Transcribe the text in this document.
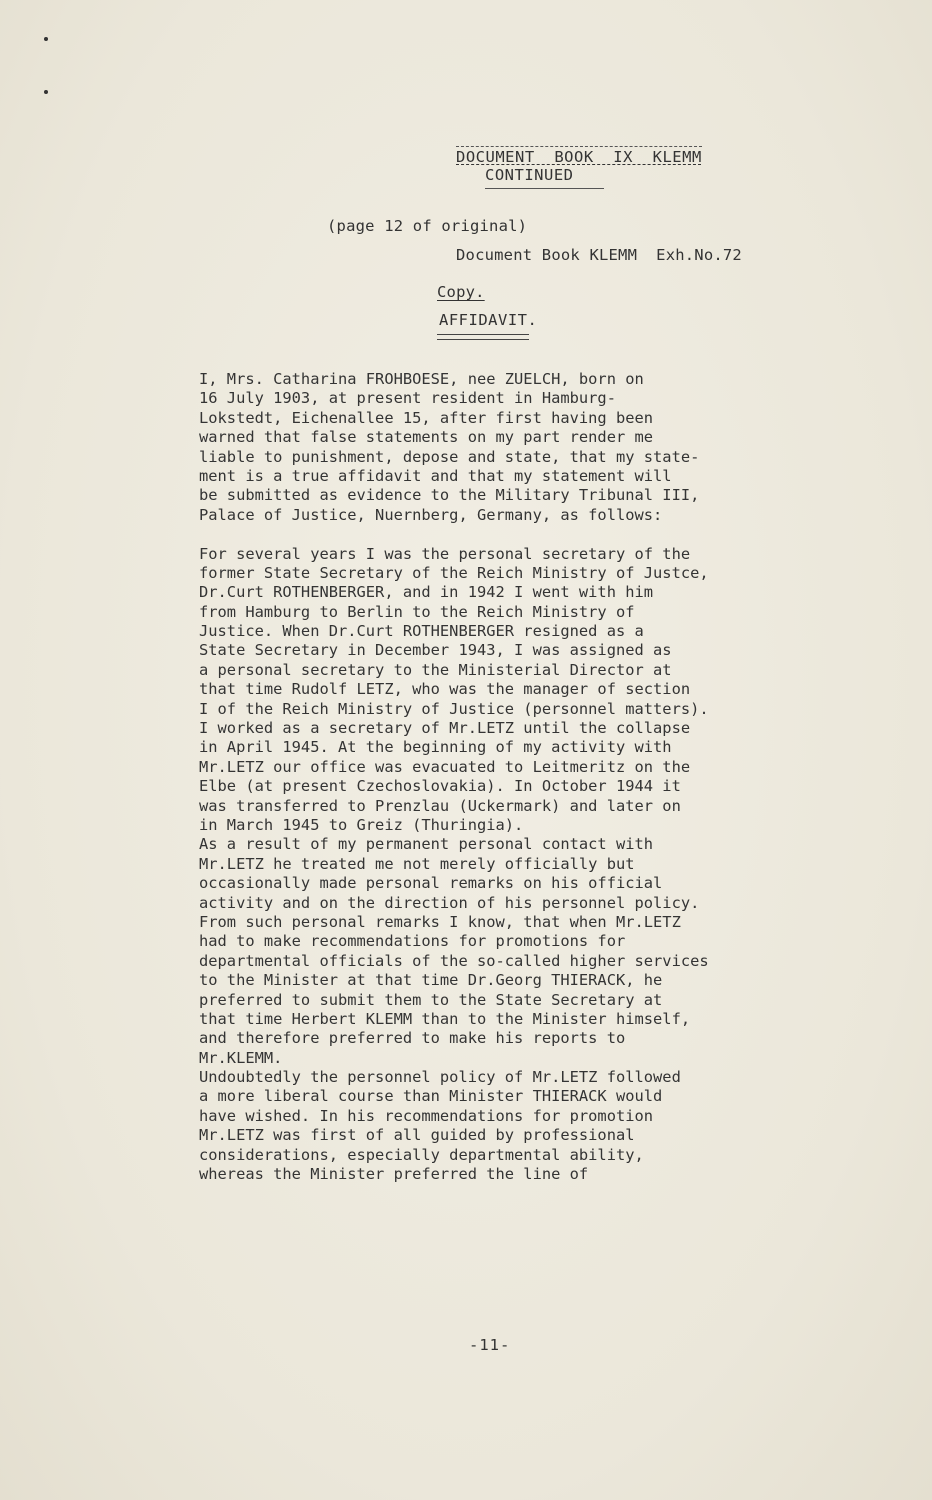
DOCUMENT  BOOK  IX  KLEMM
CONTINUED
(page 12 of original)
Document Book KLEMM  Exh.No.72
Copy.
AFFIDAVIT.
I, Mrs. Catharina FROHBOESE, nee ZUELCH, born on
16 July 1903, at present resident in Hamburg-
Lokstedt, Eichenallee 15, after first having been
warned that false statements on my part render me
liable to punishment, depose and state, that my state-
ment is a true affidavit and that my statement will
be submitted as evidence to the Military Tribunal III,
Palace of Justice, Nuernberg, Germany, as follows:
For several years I was the personal secretary of the
former State Secretary of the Reich Ministry of Justce,
Dr.Curt ROTHENBERGER, and in 1942 I went with him
from Hamburg to Berlin to the Reich Ministry of
Justice. When Dr.Curt ROTHENBERGER resigned as a
State Secretary in December 1943, I was assigned as
a personal secretary to the Ministerial Director at
that time Rudolf LETZ, who was the manager of section
I of the Reich Ministry of Justice (personnel matters).
I worked as a secretary of Mr.LETZ until the collapse
in April 1945. At the beginning of my activity with
Mr.LETZ our office was evacuated to Leitmeritz on the
Elbe (at present Czechoslovakia). In October 1944 it
was transferred to Prenzlau (Uckermark) and later on
in March 1945 to Greiz (Thuringia).
As a result of my permanent personal contact with
Mr.LETZ he treated me not merely officially but
occasionally made personal remarks on his official
activity and on the direction of his personnel policy.
From such personal remarks I know, that when Mr.LETZ
had to make recommendations for promotions for
departmental officials of the so-called higher services
to the Minister at that time Dr.Georg THIERACK, he
preferred to submit them to the State Secretary at
that time Herbert KLEMM than to the Minister himself,
and therefore preferred to make his reports to
Mr.KLEMM.
Undoubtedly the personnel policy of Mr.LETZ followed
a more liberal course than Minister THIERACK would
have wished. In his recommendations for promotion
Mr.LETZ was first of all guided by professional
considerations, especially departmental ability,
whereas the Minister preferred the line of
-11-
